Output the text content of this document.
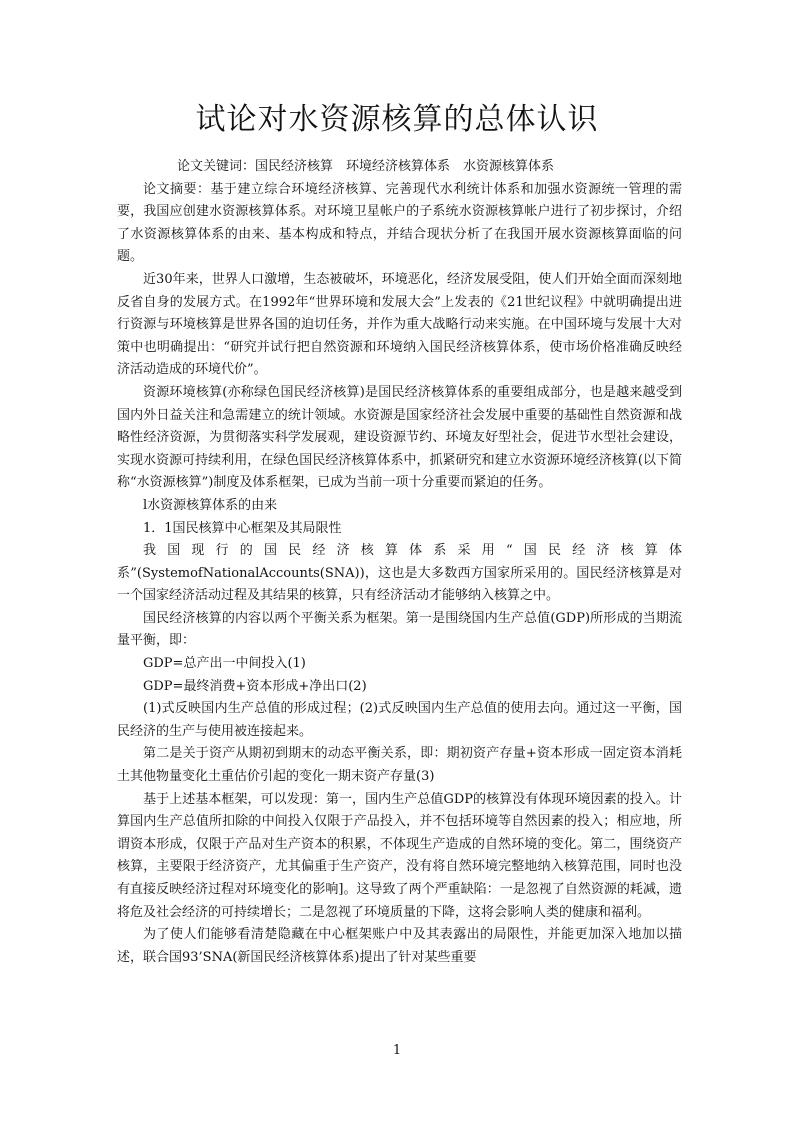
试论对水资源核算的总体认识

论文关键词：国民经济核算　环境经济核算体系　水资源核算体系

论文摘要：基于建立综合环境经济核算、完善现代水利统计体系和加强水资源统一管理的需要，我国应创建水资源核算体系。对环境卫星帐户的子系统水资源核算帐户进行了初步探讨，介绍了水资源核算体系的由来、基本构成和特点，并结合现状分析了在我国开展水资源核算面临的问题。

近30年来，世界人口激增，生态被破坏，环境恶化，经济发展受阻，使人们开始全面而深刻地反省自身的发展方式。在1992年“世界环境和发展大会”上发表的《21世纪议程》中就明确提出进行资源与环境核算是世界各国的迫切任务，并作为重大战略行动来实施。在中国环境与发展十大对策中也明确提出：“研究并试行把自然资源和环境纳入国民经济核算体系，使市场价格准确反映经济活动造成的环境代价”。

资源环境核算(亦称绿色国民经济核算)是国民经济核算体系的重要组成部分，也是越来越受到国内外日益关注和急需建立的统计领域。水资源是国家经济社会发展中重要的基础性自然资源和战略性经济资源，为贯彻落实科学发展观，建设资源节约、环境友好型社会，促进节水型社会建设，实现水资源可持续利用，在绿色国民经济核算体系中，抓紧研究和建立水资源环境经济核算(以下简称“水资源核算”)制度及体系框架，已成为当前一项十分重要而紧迫的任务。

l水资源核算体系的由来

1．1国民核算中心框架及其局限性

我国现行的国民经济核算体系采用“国民经济核算体系”(SystemofNationalAccounts(SNA))，这也是大多数西方国家所采用的。国民经济核算是对一个国家经济活动过程及其结果的核算，只有经济活动才能够纳入核算之中。

国民经济核算的内容以两个平衡关系为框架。第一是围绕国内生产总值(GDP)所形成的当期流量平衡，即：

GDP=总产出一中间投入(1)

GDP=最终消费+资本形成+净出口(2)

(1)式反映国内生产总值的形成过程；(2)式反映国内生产总值的使用去向。通过这一平衡，国民经济的生产与使用被连接起来。

第二是关于资产从期初到期末的动态平衡关系，即：期初资产存量+资本形成一固定资本消耗土其他物量变化土重估价引起的变化一期末资产存量(3)

基于上述基本框架，可以发现：第一，国内生产总值GDP的核算没有体现环境因素的投入。计算国内生产总值所扣除的中间投入仅限于产品投入，并不包括环境等自然因素的投入；相应地，所谓资本形成，仅限于产品对生产资本的积累，不体现生产造成的自然环境的变化。第二，围绕资产核算，主要限于经济资产，尤其偏重于生产资产，没有将自然环境完整地纳入核算范围，同时也没有直接反映经济过程对环境变化的影响]。这导致了两个严重缺陷：一是忽视了自然资源的耗减，遗将危及社会经济的可持续增长；二是忽视了环境质量的下降，这将会影响人类的健康和福利。

为了使人们能够看清楚隐藏在中心框架账户中及其表露出的局限性，并能更加深入地加以描述，联合国93’SNA(新国民经济核算体系)提出了针对某些重要

1
